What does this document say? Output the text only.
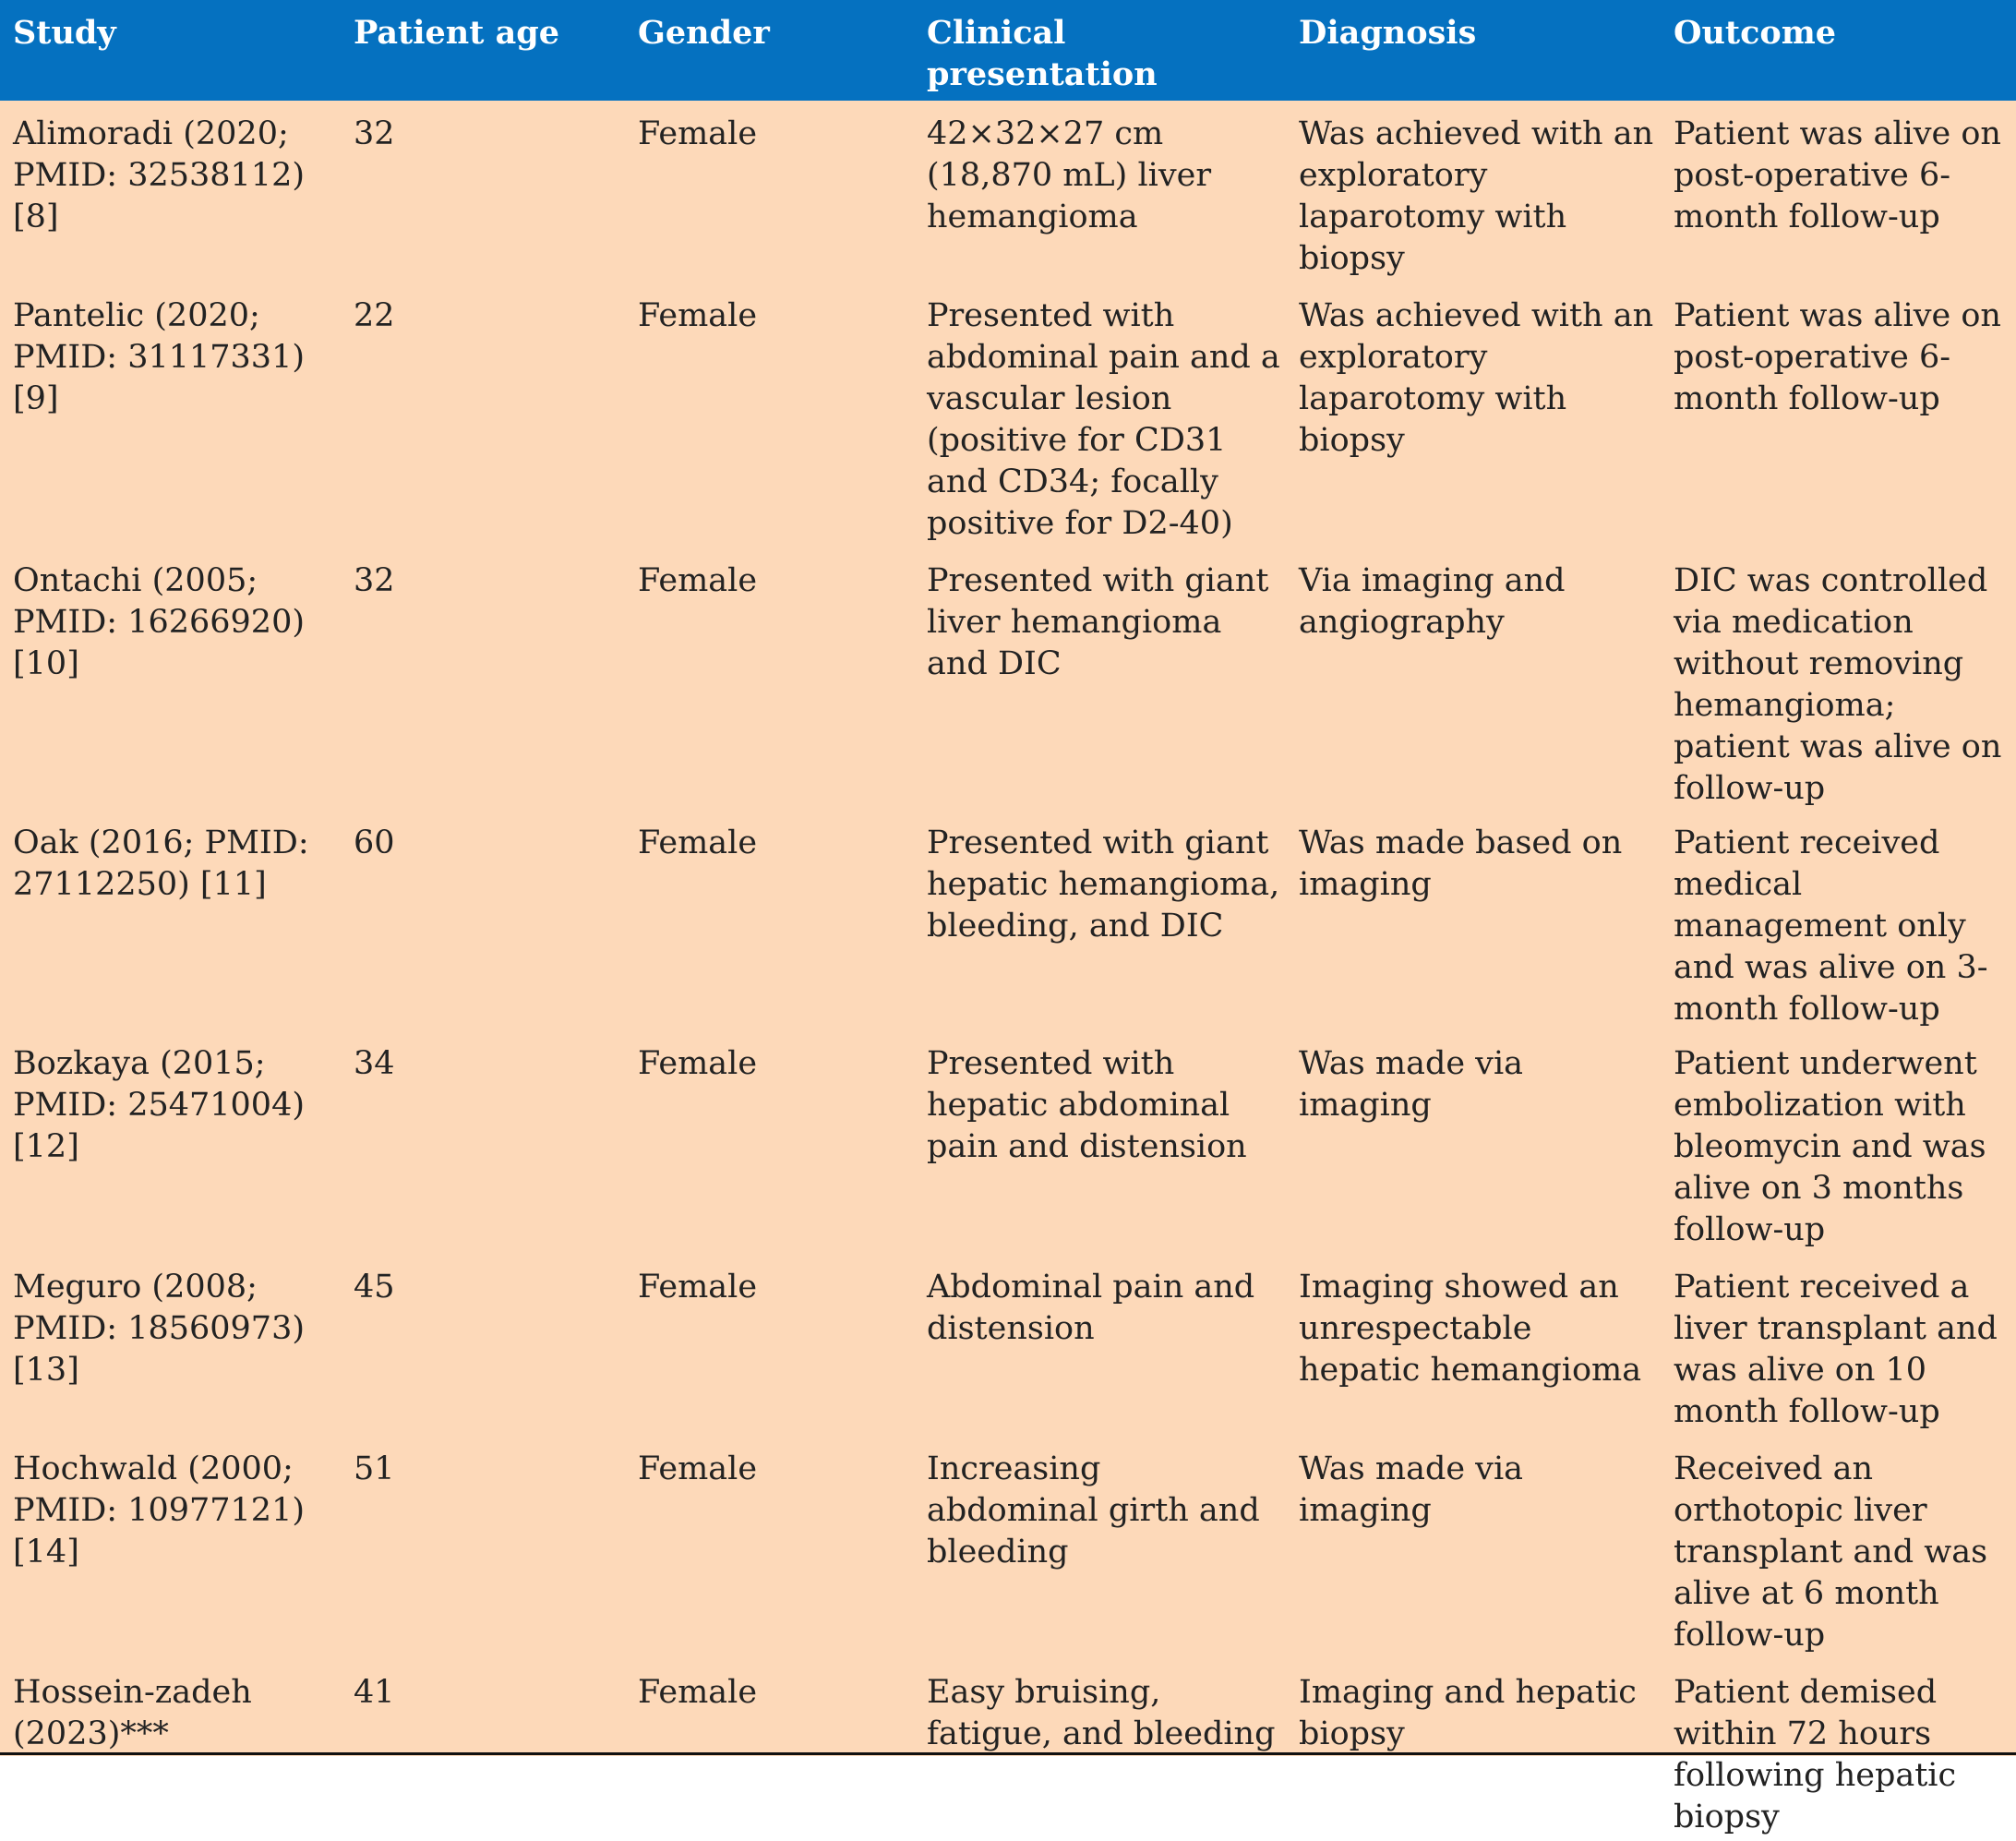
Study	Patient age	Gender	Clinical presentation	Diagnosis	Outcome
Alimoradi (2020; PMID: 32538112) [8]	32	Female	42×32×27 cm (18,870 mL) liver hemangioma	Was achieved with an exploratory laparotomy with biopsy	Patient was alive on post-operative 6-month follow-up
Pantelic (2020; PMID: 31117331) [9]	22	Female	Presented with abdominal pain and a vascular lesion (positive for CD31 and CD34; focally positive for D2-40)	Was achieved with an exploratory laparotomy with biopsy	Patient was alive on post-operative 6-month follow-up
Ontachi (2005; PMID: 16266920) [10]	32	Female	Presented with giant liver hemangioma and DIC	Via imaging and angiography	DIC was controlled via medication without removing hemangioma; patient was alive on follow-up
Oak (2016; PMID: 27112250) [11]	60	Female	Presented with giant hepatic hemangioma, bleeding, and DIC	Was made based on imaging	Patient received medical management only and was alive on 3-month follow-up
Bozkaya (2015; PMID: 25471004) [12]	34	Female	Presented with hepatic abdominal pain and distension	Was made via imaging	Patient underwent embolization with bleomycin and was alive on 3 months follow-up
Meguro (2008; PMID: 18560973) [13]	45	Female	Abdominal pain and distension	Imaging showed an unrespectable hepatic hemangioma	Patient received a liver transplant and was alive on 10 month follow-up
Hochwald (2000; PMID: 10977121) [14]	51	Female	Increasing abdominal girth and bleeding	Was made via imaging	Received an orthotopic liver transplant and was alive at 6 month follow-up
Hossein-zadeh (2023)***	41	Female	Easy bruising, fatigue, and bleeding	Imaging and hepatic biopsy	Patient demised within 72 hours following hepatic biopsy
